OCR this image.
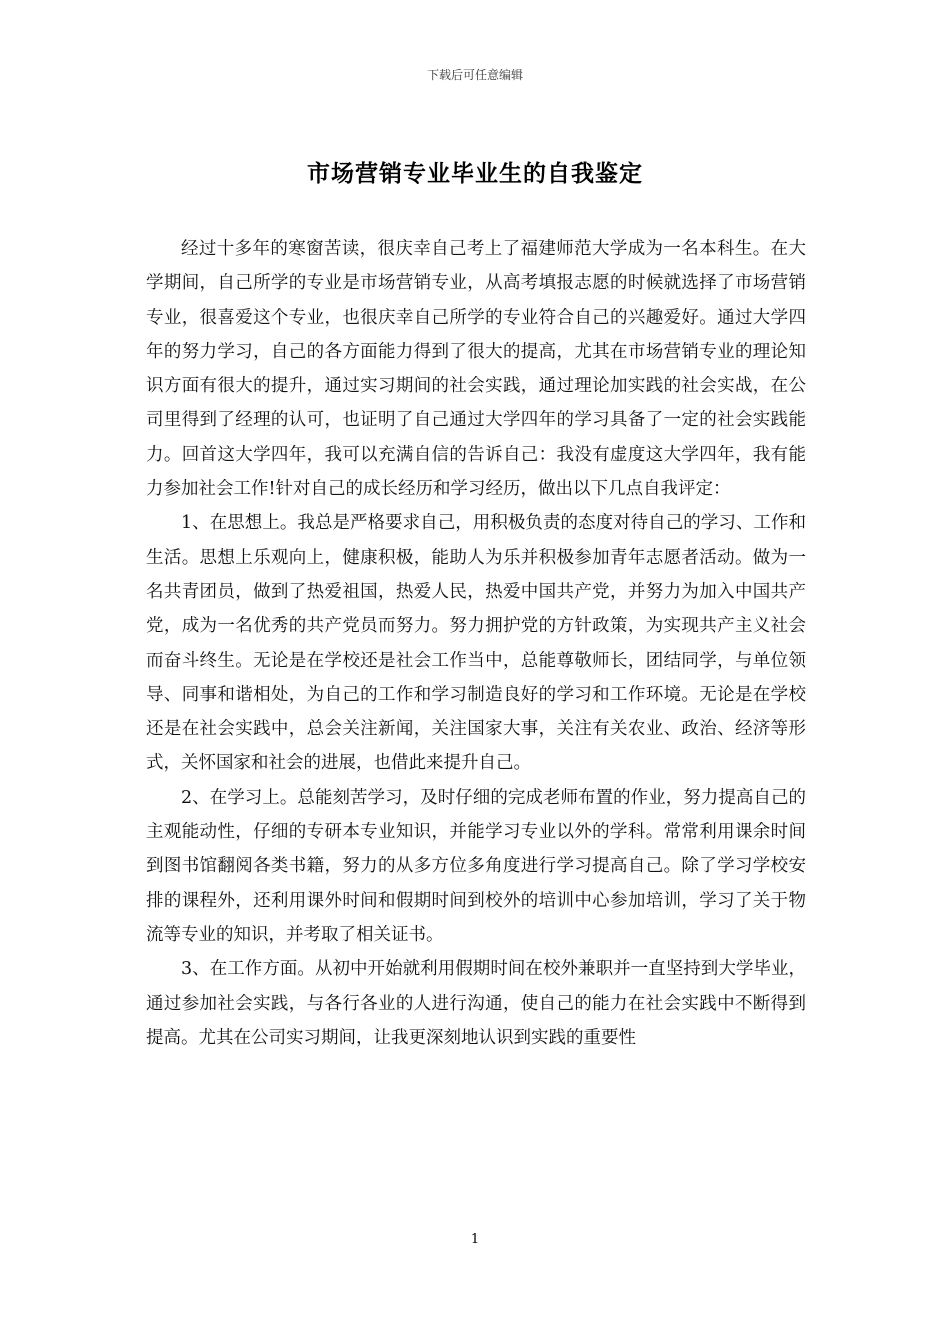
下载后可任意编辑
市场营销专业毕业生的自我鉴定

经过十多年的寒窗苦读，很庆幸自己考上了福建师范大学成为一名本科生。在大学期间，自己所学的专业是市场营销专业，从高考填报志愿的时候就选择了市场营销专业，很喜爱这个专业，也很庆幸自己所学的专业符合自己的兴趣爱好。通过大学四年的努力学习，自己的各方面能力得到了很大的提高，尤其在市场营销专业的理论知识方面有很大的提升，通过实习期间的社会实践，通过理论加实践的社会实战，在公司里得到了经理的认可，也证明了自己通过大学四年的学习具备了一定的社会实践能力。回首这大学四年，我可以充满自信的告诉自己：我没有虚度这大学四年，我有能力参加社会工作!针对自己的成长经历和学习经历，做出以下几点自我评定：

1、在思想上。我总是严格要求自己，用积极负责的态度对待自己的学习、工作和生活。思想上乐观向上，健康积极，能助人为乐并积极参加青年志愿者活动。做为一名共青团员，做到了热爱祖国，热爱人民，热爱中国共产党，并努力为加入中国共产党，成为一名优秀的共产党员而努力。努力拥护党的方针政策，为实现共产主义社会而奋斗终生。无论是在学校还是社会工作当中，总能尊敬师长，团结同学，与单位领导、同事和谐相处，为自己的工作和学习制造良好的学习和工作环境。无论是在学校还是在社会实践中，总会关注新闻，关注国家大事，关注有关农业、政治、经济等形式，关怀国家和社会的进展，也借此来提升自己。

2、在学习上。总能刻苦学习，及时仔细的完成老师布置的作业，努力提高自己的主观能动性，仔细的专研本专业知识，并能学习专业以外的学科。常常利用课余时间到图书馆翻阅各类书籍，努力的从多方位多角度进行学习提高自己。除了学习学校安排的课程外，还利用课外时间和假期时间到校外的培训中心参加培训，学习了关于物流等专业的知识，并考取了相关证书。

3、在工作方面。从初中开始就利用假期时间在校外兼职并一直坚持到大学毕业，通过参加社会实践，与各行各业的人进行沟通，使自己的能力在社会实践中不断得到提高。尤其在公司实习期间，让我更深刻地认识到实践的重要性

1
